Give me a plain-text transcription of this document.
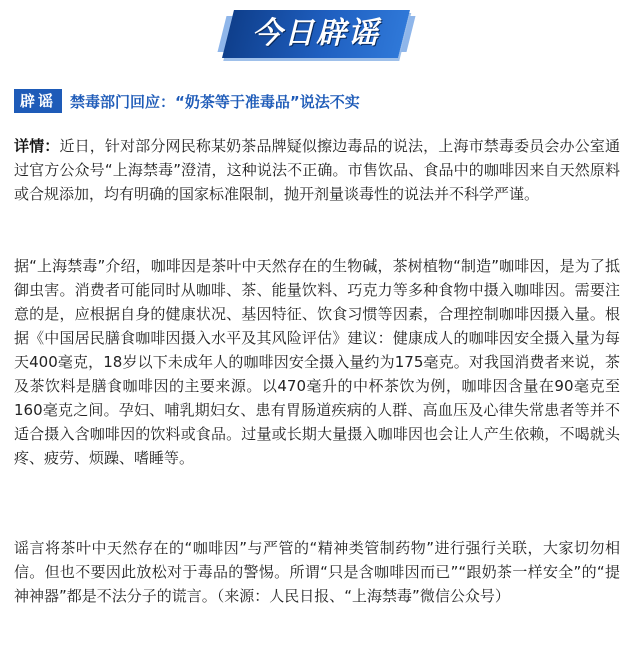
今日辟谣
辟谣 禁毒部门回应：“奶茶等于准毒品”说法不实

详情：近日，针对部分网民称某奶茶品牌疑似擦边毒品的说法，上海市禁毒委员会办公室通过官方公众号“上海禁毒”澄清，这种说法不正确。市售饮品、食品中的咖啡因来自天然原料或合规添加，均有明确的国家标准限制，抛开剂量谈毒性的说法并不科学严谨。

据“上海禁毒”介绍，咖啡因是茶叶中天然存在的生物碱，茶树植物“制造”咖啡因，是为了抵御虫害。消费者可能同时从咖啡、茶、能量饮料、巧克力等多种食物中摄入咖啡因。需要注意的是，应根据自身的健康状况、基因特征、饮食习惯等因素，合理控制咖啡因摄入量。根据《中国居民膳食咖啡因摄入水平及其风险评估》建议：健康成人的咖啡因安全摄入量为每天400毫克，18岁以下未成年人的咖啡因安全摄入量约为175毫克。对我国消费者来说，茶及茶饮料是膳食咖啡因的主要来源。以470毫升的中杯茶饮为例，咖啡因含量在90毫克至160毫克之间。孕妇、哺乳期妇女、患有胃肠道疾病的人群、高血压及心律失常患者等并不适合摄入含咖啡因的饮料或食品。过量或长期大量摄入咖啡因也会让人产生依赖，不喝就头疼、疲劳、烦躁、嗜睡等。

谣言将茶叶中天然存在的“咖啡因”与严管的“精神类管制药物”进行强行关联，大家切勿相信。但也不要因此放松对于毒品的警惕。所谓“只是含咖啡因而已”“跟奶茶一样安全”的“提神神器”都是不法分子的谎言。（来源：人民日报、“上海禁毒”微信公众号）
